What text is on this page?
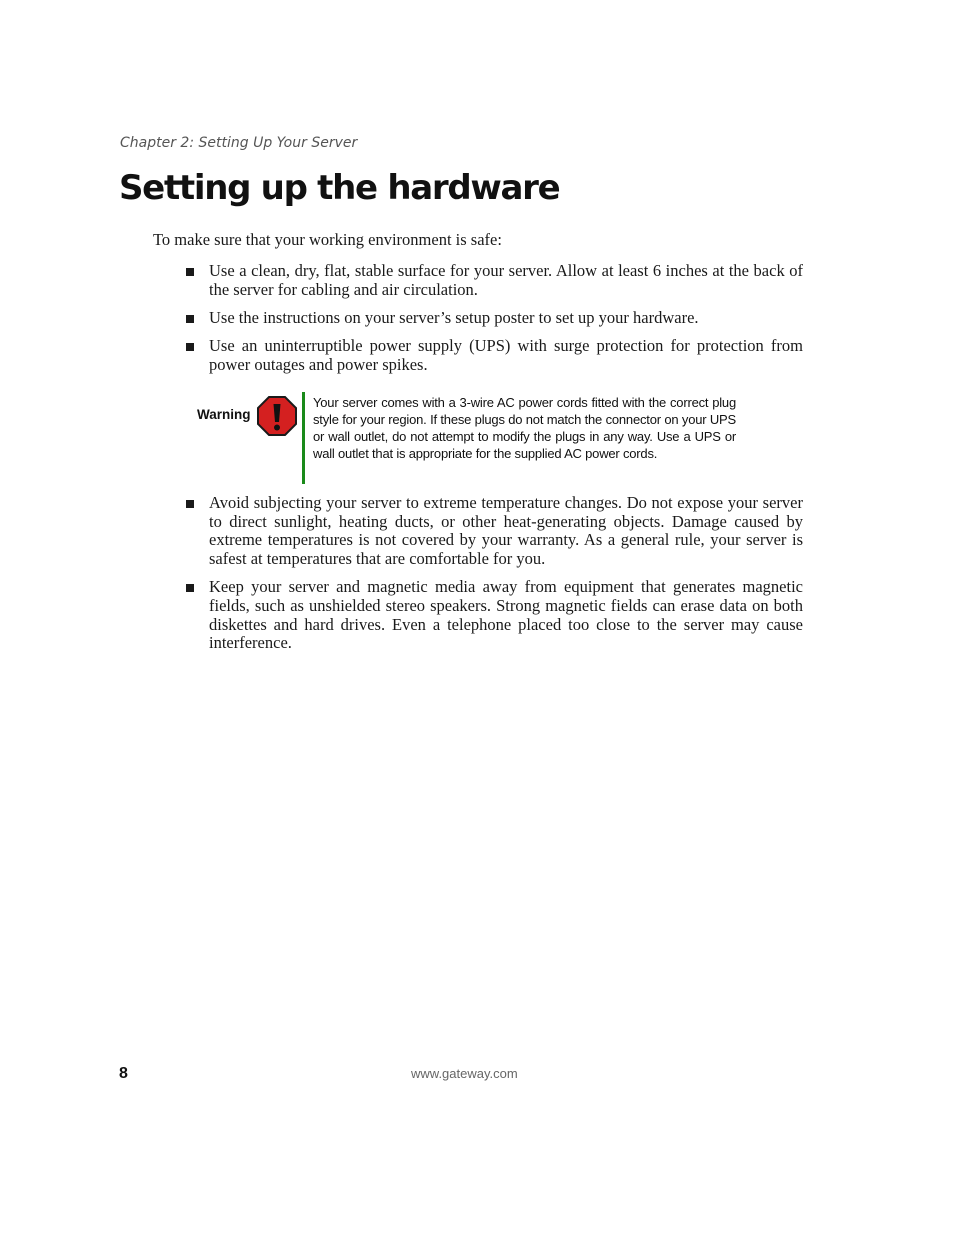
Chapter 2: Setting Up Your Server

Setting up the hardware

To make sure that your working environment is safe:

Use a clean, dry, flat, stable surface for your server. Allow at least 6 inches at the back of the server for cabling and air circulation.
Use the instructions on your server’s setup poster to set up your hardware.
Use an uninterruptible power supply (UPS) with surge protection for protection from power outages and power spikes.

Warning

Your server comes with a 3-wire AC power cords fitted with the correct plug style for your region. If these plugs do not match the connector on your UPS or wall outlet, do not attempt to modify the plugs in any way. Use a UPS or wall outlet that is appropriate for the supplied AC power cords.

Avoid subjecting your server to extreme temperature changes. Do not expose your server to direct sunlight, heating ducts, or other heat-generating objects. Damage caused by extreme temperatures is not covered by your warranty. As a general rule, your server is safest at temperatures that are comfortable for you.
Keep your server and magnetic media away from equipment that generates magnetic fields, such as unshielded stereo speakers. Strong magnetic fields can erase data on both diskettes and hard drives. Even a telephone placed too close to the server may cause interference.

8	www.gateway.com
